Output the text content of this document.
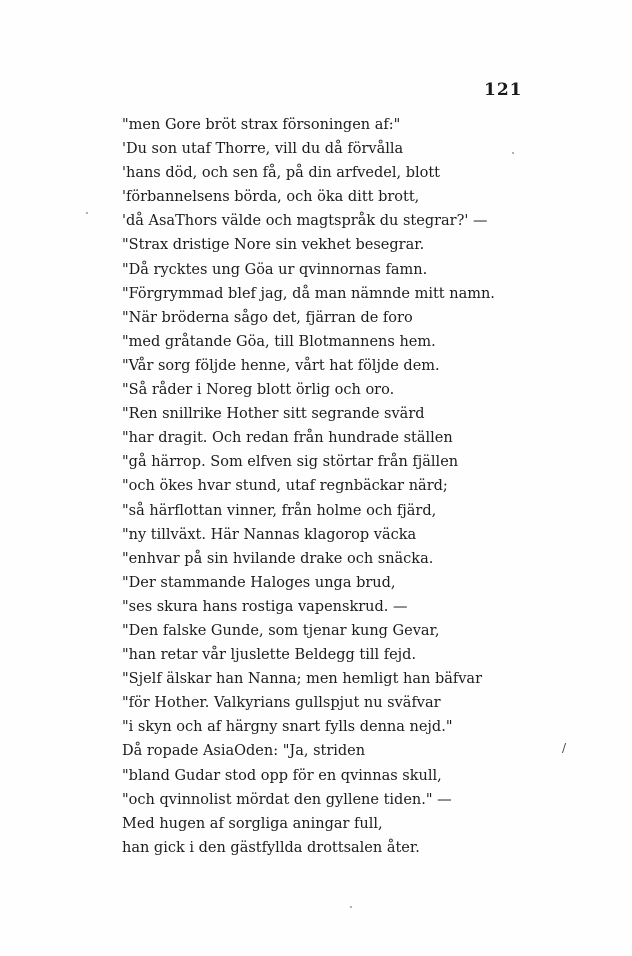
121
"men Gore bröt strax försoningen af:"
'Du son utaf Thorre, vill du då förvålla
'hans död, och sen få, på din arfvedel, blott
'förbannelsens börda, och öka ditt brott,
'då AsaThors välde och magtspråk du stegrar?' —
"Strax dristige Nore sin vekhet besegrar.
"Då rycktes ung Göa ur qvinnornas famn.
"Förgrymmad blef jag, då man nämnde mitt namn.
"När bröderna sågo det, fjärran de foro
"med gråtande Göa, till Blotmannens hem.
"Vår sorg följde henne, vårt hat följde dem.
"Så råder i Noreg blott örlig och oro.
"Ren snillrike Hother sitt segrande svärd
"har dragit. Och redan från hundrade ställen
"gå härrop. Som elfven sig störtar från fjällen
"och ökes hvar stund, utaf regnbäckar närd;
"så härflottan vinner, från holme och fjärd,
"ny tillväxt. Här Nannas klagorop väcka
"enhvar på sin hvilande drake och snäcka.
"Der stammande Haloges unga brud,
"ses skura hans rostiga vapenskrud. —
"Den falske Gunde, som tjenar kung Gevar,
"han retar vår ljuslette Beldegg till fejd.
"Sjelf älskar han Nanna; men hemligt han bäfvar
"för Hother. Valkyrians gullspjut nu sväfvar
"i skyn och af härgny snart fylls denna nejd."
Då ropade AsiaOden: "Ja, striden
"bland Gudar stod opp för en qvinnas skull,
"och qvinnolist mördat den gyllene tiden." —
Med hugen af sorgliga aningar full,
han gick i den gästfyllda drottsalen åter.
/
